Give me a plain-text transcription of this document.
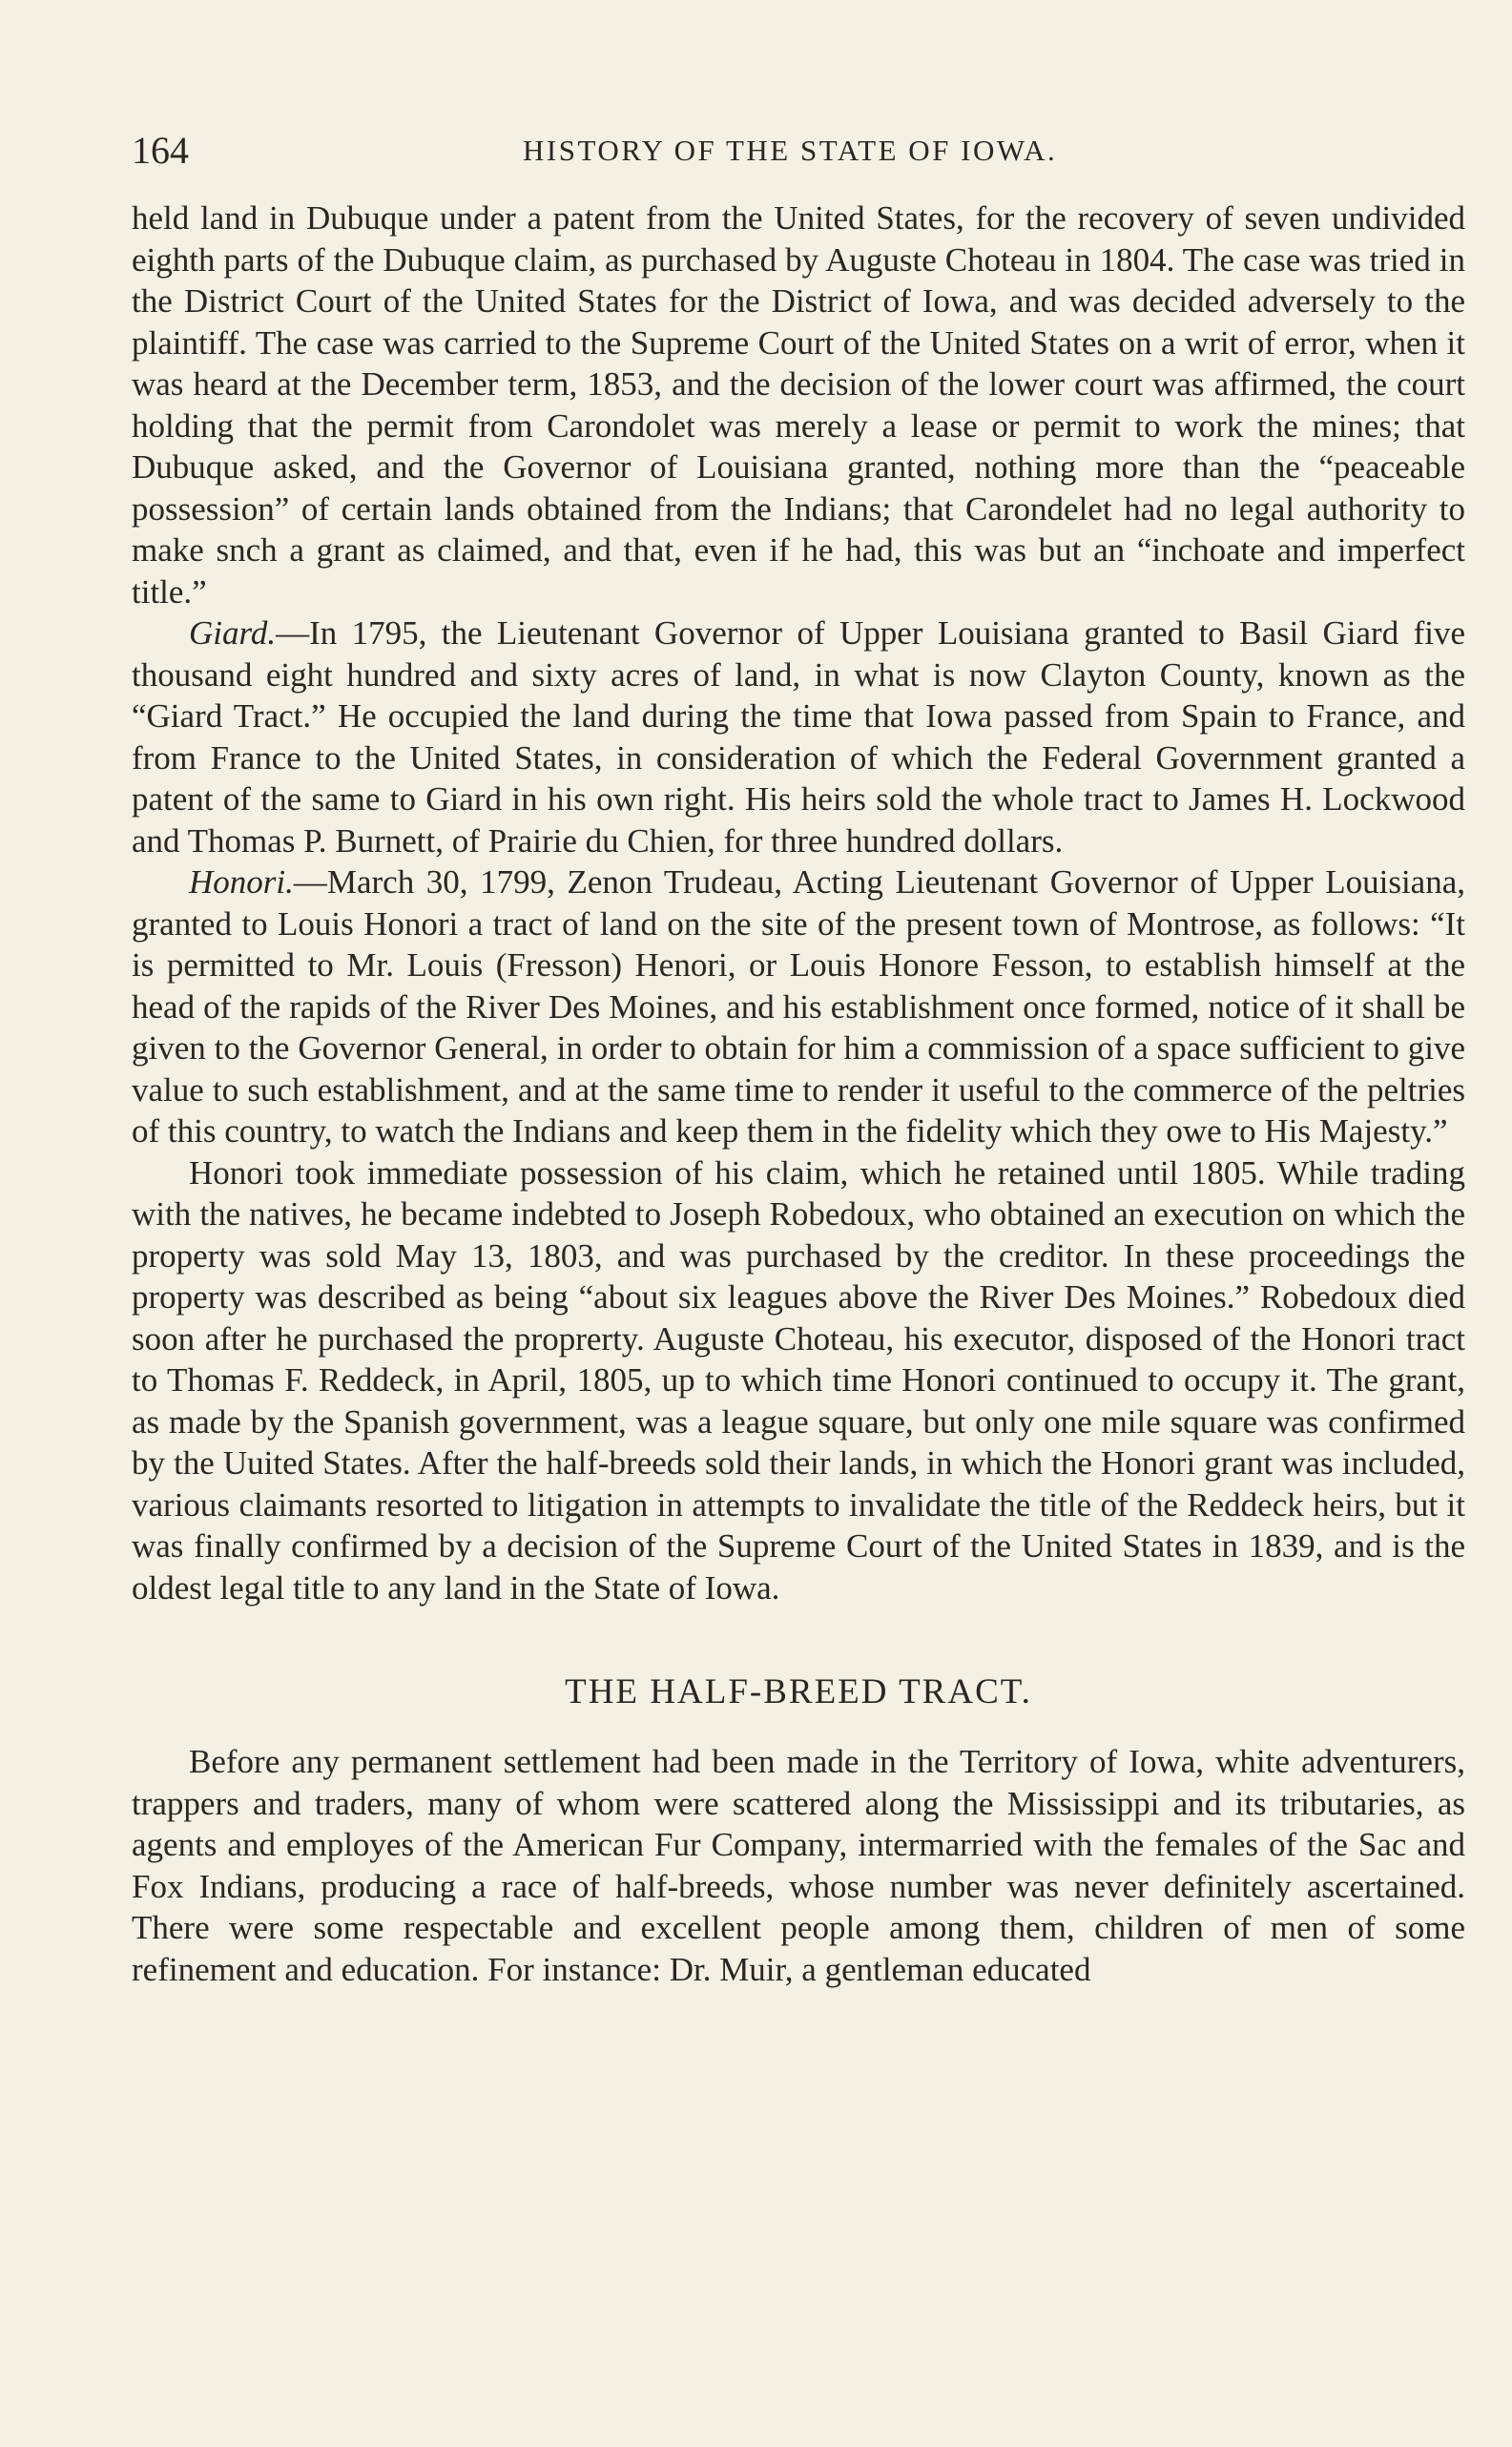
164	HISTORY OF THE STATE OF IOWA.

held land in Dubuque under a patent from the United States, for the recovery of seven undivided eighth parts of the Dubuque claim, as purchased by Auguste Choteau in 1804. The case was tried in the District Court of the United States for the District of Iowa, and was decided adversely to the plaintiff. The case was carried to the Supreme Court of the United States on a writ of error, when it was heard at the December term, 1853, and the decision of the lower court was affirmed, the court holding that the permit from Carondolet was merely a lease or permit to work the mines; that Dubuque asked, and the Governor of Louisiana granted, nothing more than the “peaceable possession” of certain lands obtained from the Indians; that Carondelet had no legal authority to make snch a grant as claimed, and that, even if he had, this was but an “inchoate and imperfect title.”

Giard.—In 1795, the Lieutenant Governor of Upper Louisiana granted to Basil Giard five thousand eight hundred and sixty acres of land, in what is now Clayton County, known as the “Giard Tract.” He occupied the land during the time that Iowa passed from Spain to France, and from France to the United States, in consideration of which the Federal Government granted a patent of the same to Giard in his own right. His heirs sold the whole tract to James H. Lockwood and Thomas P. Burnett, of Prairie du Chien, for three hundred dollars.

Honori.—March 30, 1799, Zenon Trudeau, Acting Lieutenant Governor of Upper Louisiana, granted to Louis Honori a tract of land on the site of the present town of Montrose, as follows: “It is permitted to Mr. Louis (Fresson) Henori, or Louis Honore Fesson, to establish himself at the head of the rapids of the River Des Moines, and his establishment once formed, notice of it shall be given to the Governor General, in order to obtain for him a commission of a space sufficient to give value to such establishment, and at the same time to render it useful to the commerce of the peltries of this country, to watch the Indians and keep them in the fidelity which they owe to His Majesty.”

Honori took immediate possession of his claim, which he retained until 1805. While trading with the natives, he became indebted to Joseph Robedoux, who obtained an execution on which the property was sold May 13, 1803, and was purchased by the creditor. In these proceedings the property was described as being “about six leagues above the River Des Moines.” Robedoux died soon after he purchased the proprerty. Auguste Choteau, his executor, disposed of the Honori tract to Thomas F. Reddeck, in April, 1805, up to which time Honori continued to occupy it. The grant, as made by the Spanish government, was a league square, but only one mile square was confirmed by the Uuited States. After the half-breeds sold their lands, in which the Honori grant was included, various claimants resorted to litigation in attempts to invalidate the title of the Reddeck heirs, but it was finally confirmed by a decision of the Supreme Court of the United States in 1839, and is the oldest legal title to any land in the State of Iowa.

THE HALF-BREED TRACT.

Before any permanent settlement had been made in the Territory of Iowa, white adventurers, trappers and traders, many of whom were scattered along the Mississippi and its tributaries, as agents and employes of the American Fur Company, intermarried with the females of the Sac and Fox Indians, producing a race of half-breeds, whose number was never definitely ascertained. There were some respectable and excellent people among them, children of men of some refinement and education. For instance: Dr. Muir, a gentleman educated
